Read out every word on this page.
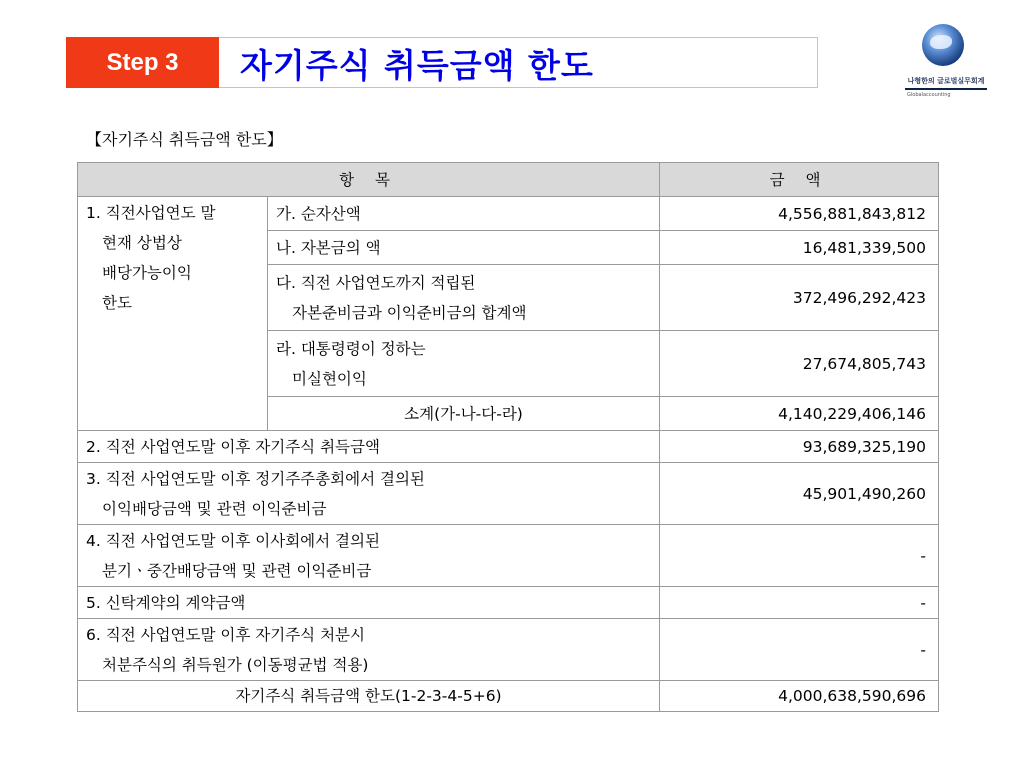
Step 3	자기주식 취득금액 한도	나형한의 글로벌실무회계
Globalaccounting
【자기주식 취득금액 한도】
항 목		금 액
1. 직전사업연도 말
현재 상법상
배당가능이익
한도	가. 순자산액	4,556,881,843,812
	나. 자본금의 액	16,481,339,500
	다. 직전 사업연도까지 적립된
자본준비금과 이익준비금의 합계액	372,496,292,423
	라. 대통령령이 정하는
미실현이익	27,674,805,743
	소계(가-나-다-라)	4,140,229,406,146
2. 직전 사업연도말 이후 자기주식 취득금액		93,689,325,190
3. 직전 사업연도말 이후 정기주주총회에서 결의된
이익배당금액 및 관련 이익준비금		45,901,490,260
4. 직전 사업연도말 이후 이사회에서 결의된
분기ㆍ중간배당금액 및 관련 이익준비금		-
5. 신탁계약의 계약금액		-
6. 직전 사업연도말 이후 자기주식 처분시
처분주식의 취득원가 (이동평균법 적용)		-
자기주식 취득금액 한도(1-2-3-4-5+6)		4,000,638,590,696
